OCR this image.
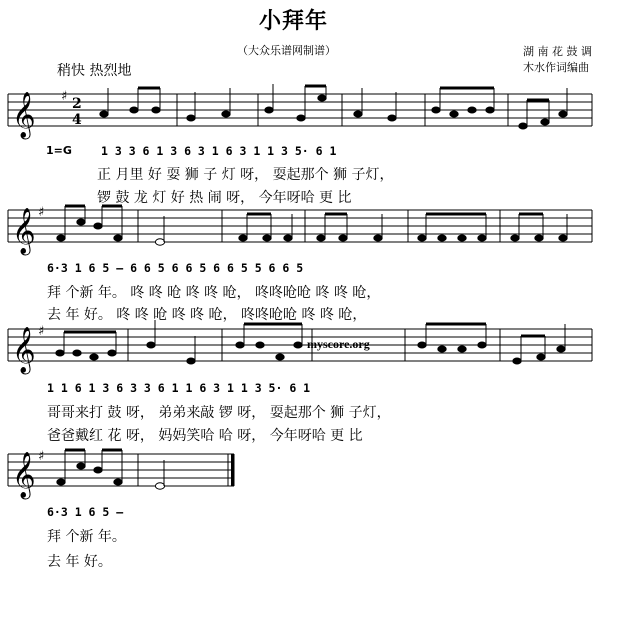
小拜年
（大众乐谱网制谱）	湖 南 花 鼓 调
木水作词编曲
稍快 热烈地
𝄞
𝄞
𝄞
𝄞
♯
♯
♯
♯
2
4
myscore.org
1=G	1 3 3 6 1 3 6 3 1 6 3 1 1 3 5· 6 1
6·3 1 6 5 – 6 6 5 6 6 5 6 6 5 5 6 6 5
1 1 6 1 3 6 3 3 6 1 1 6 3 1 1 3 5· 6 1
6·3 1 6 5 –
正 月里 好 耍 狮 子 灯 呀， 耍起那个 狮 子灯，
锣 鼓 龙 灯 好 热 闹 呀， 今年呀哈 更 比
拜 个新 年。 咚 咚 呛 咚 咚 呛， 咚咚呛呛 咚 咚 呛，
去 年 好。 咚 咚 呛 咚 咚 呛， 咚咚呛呛 咚 咚 呛，
哥哥来打 鼓 呀， 弟弟来敲 锣 呀， 耍起那个 狮 子灯，
爸爸戴红 花 呀， 妈妈笑哈 哈 呀， 今年呀哈 更 比
拜 个新 年。
去 年 好。
